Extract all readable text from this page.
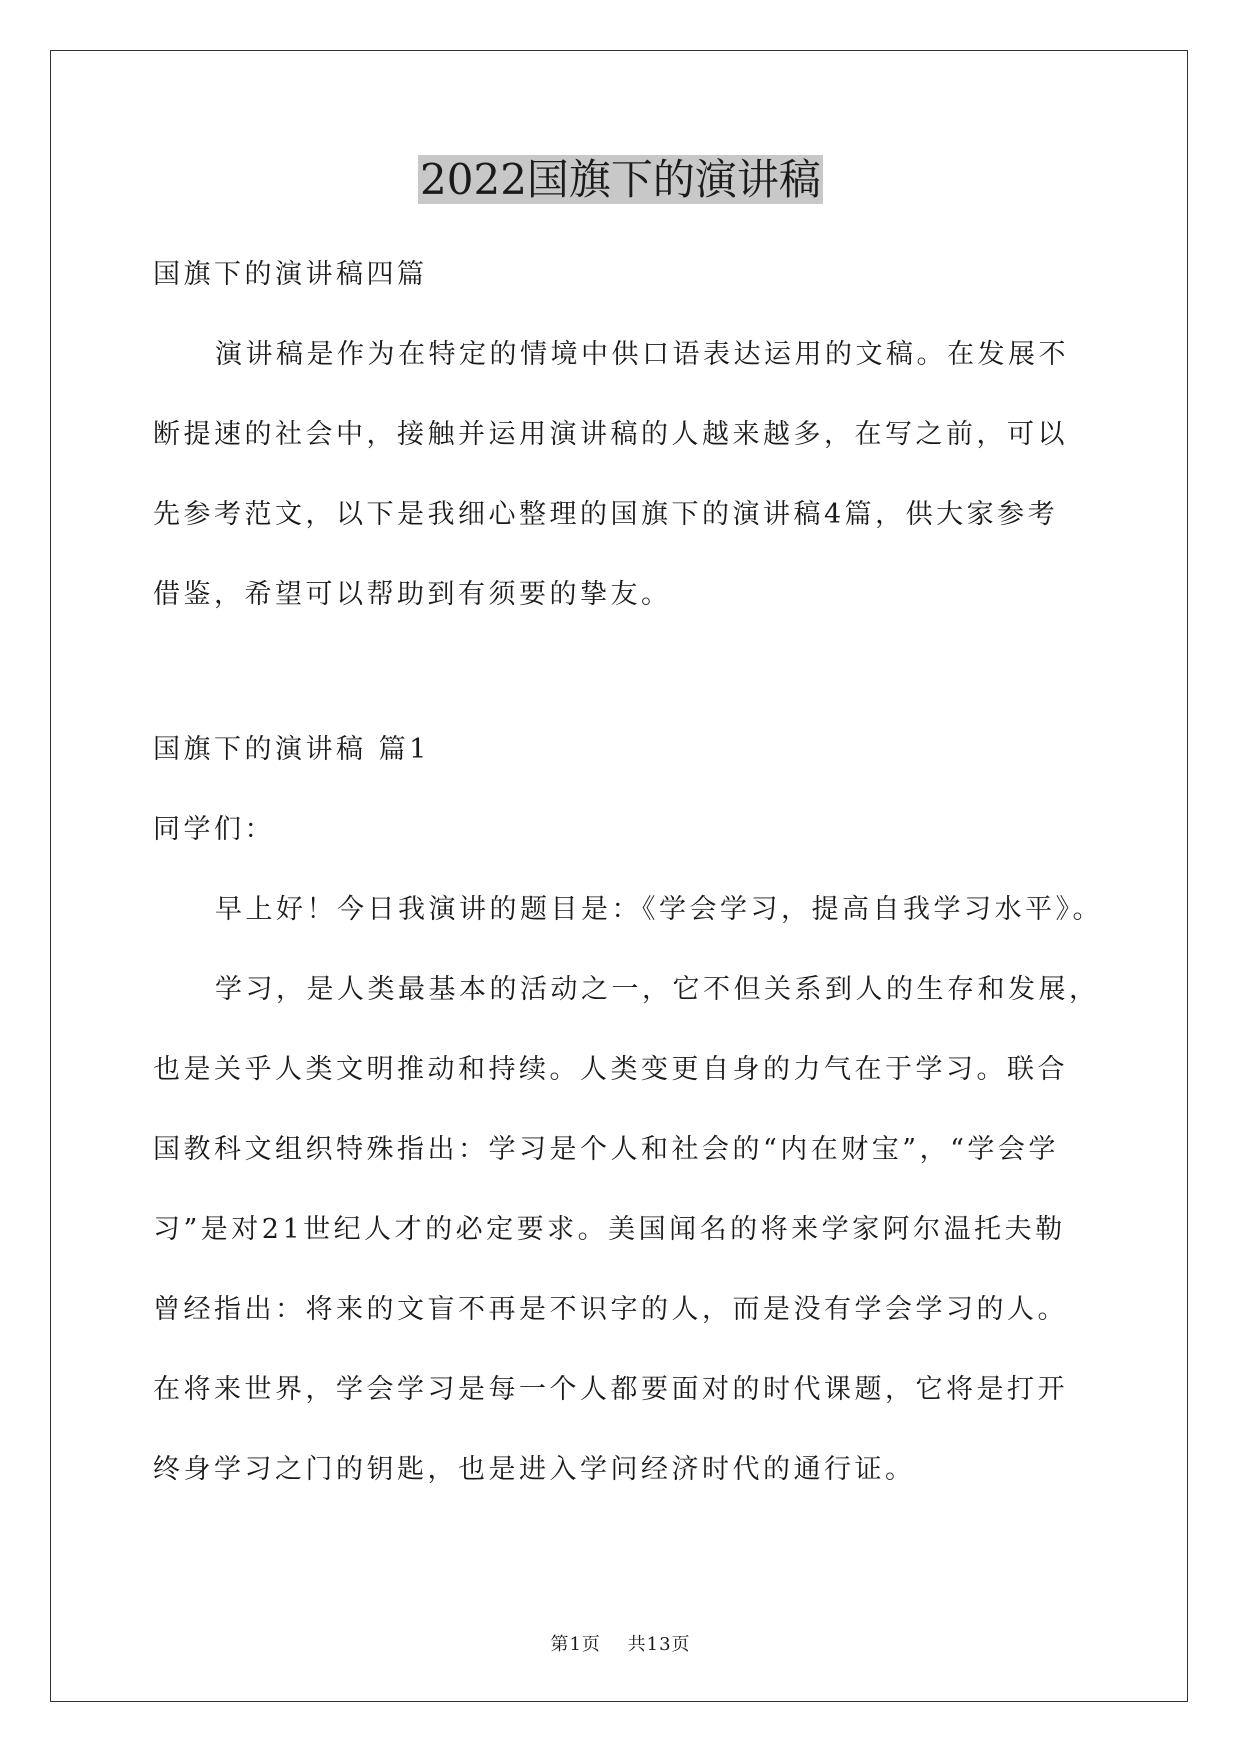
2022国旗下的演讲稿

国旗下的演讲稿四篇

演讲稿是作为在特定的情境中供口语表达运用的文稿。在发展不

断提速的社会中，接触并运用演讲稿的人越来越多，在写之前，可以

先参考范文，以下是我细心整理的国旗下的演讲稿4篇，供大家参考

借鉴，希望可以帮助到有须要的挚友。

国旗下的演讲稿 篇1

同学们：

早上好！今日我演讲的题目是：《学会学习，提高自我学习水平》。

学习，是人类最基本的活动之一，它不但关系到人的生存和发展，

也是关乎人类文明推动和持续。人类变更自身的力气在于学习。联合

国教科文组织特殊指出：学习是个人和社会的“内在财宝”，“学会学

习”是对21世纪人才的必定要求。美国闻名的将来学家阿尔温托夫勒

曾经指出：将来的文盲不再是不识字的人，而是没有学会学习的人。

在将来世界，学会学习是每一个人都要面对的时代课题，它将是打开

终身学习之门的钥匙，也是进入学问经济时代的通行证。

第1页 共13页
